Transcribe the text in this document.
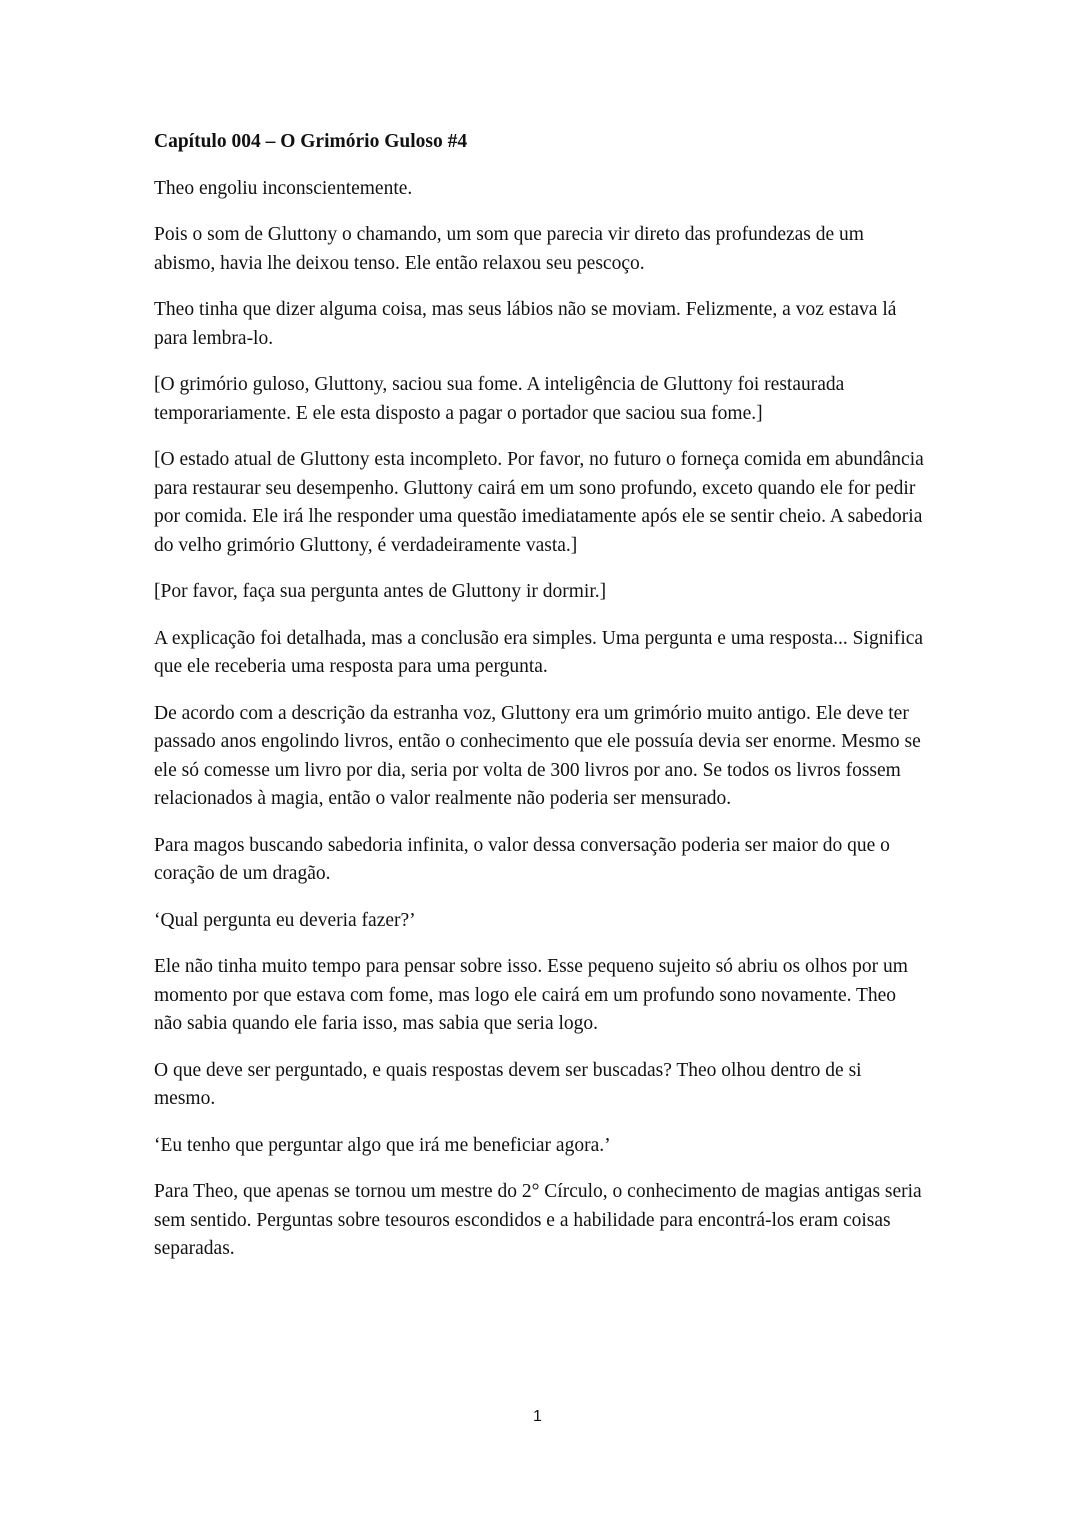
Capítulo 004 – O Grimório Guloso #4

Theo engoliu inconscientemente.

Pois o som de Gluttony o chamando, um som que parecia vir direto das profundezas de um abismo, havia lhe deixou tenso. Ele então relaxou seu pescoço.

Theo tinha que dizer alguma coisa, mas seus lábios não se moviam. Felizmente, a voz estava lá para lembra-lo.

[O grimório guloso, Gluttony, saciou sua fome. A inteligência de Gluttony foi restaurada temporariamente. E ele esta disposto a pagar o portador que saciou sua fome.]

[O estado atual de Gluttony esta incompleto. Por favor, no futuro o forneça comida em abundância para restaurar seu desempenho. Gluttony cairá em um sono profundo, exceto quando ele for pedir por comida. Ele irá lhe responder uma questão imediatamente após ele se sentir cheio. A sabedoria do velho grimório Gluttony, é verdadeiramente vasta.]

[Por favor, faça sua pergunta antes de Gluttony ir dormir.]

A explicação foi detalhada, mas a conclusão era simples. Uma pergunta e uma resposta... Significa que ele receberia uma resposta para uma pergunta.

De acordo com a descrição da estranha voz, Gluttony era um grimório muito antigo. Ele deve ter passado anos engolindo livros, então o conhecimento que ele possuía devia ser enorme. Mesmo se ele só comesse um livro por dia, seria por volta de 300 livros por ano. Se todos os livros fossem relacionados à magia, então o valor realmente não poderia ser mensurado.

Para magos buscando sabedoria infinita, o valor dessa conversação poderia ser maior do que o coração de um dragão.

‘Qual pergunta eu deveria fazer?’

Ele não tinha muito tempo para pensar sobre isso. Esse pequeno sujeito só abriu os olhos por um momento por que estava com fome, mas logo ele cairá em um profundo sono novamente. Theo não sabia quando ele faria isso, mas sabia que seria logo.

O que deve ser perguntado, e quais respostas devem ser buscadas? Theo olhou dentro de si mesmo.

‘Eu tenho que perguntar algo que irá me beneficiar agora.’

Para Theo, que apenas se tornou um mestre do 2° Círculo, o conhecimento de magias antigas seria sem sentido. Perguntas sobre tesouros escondidos e a habilidade para encontrá-los eram coisas separadas.

1
